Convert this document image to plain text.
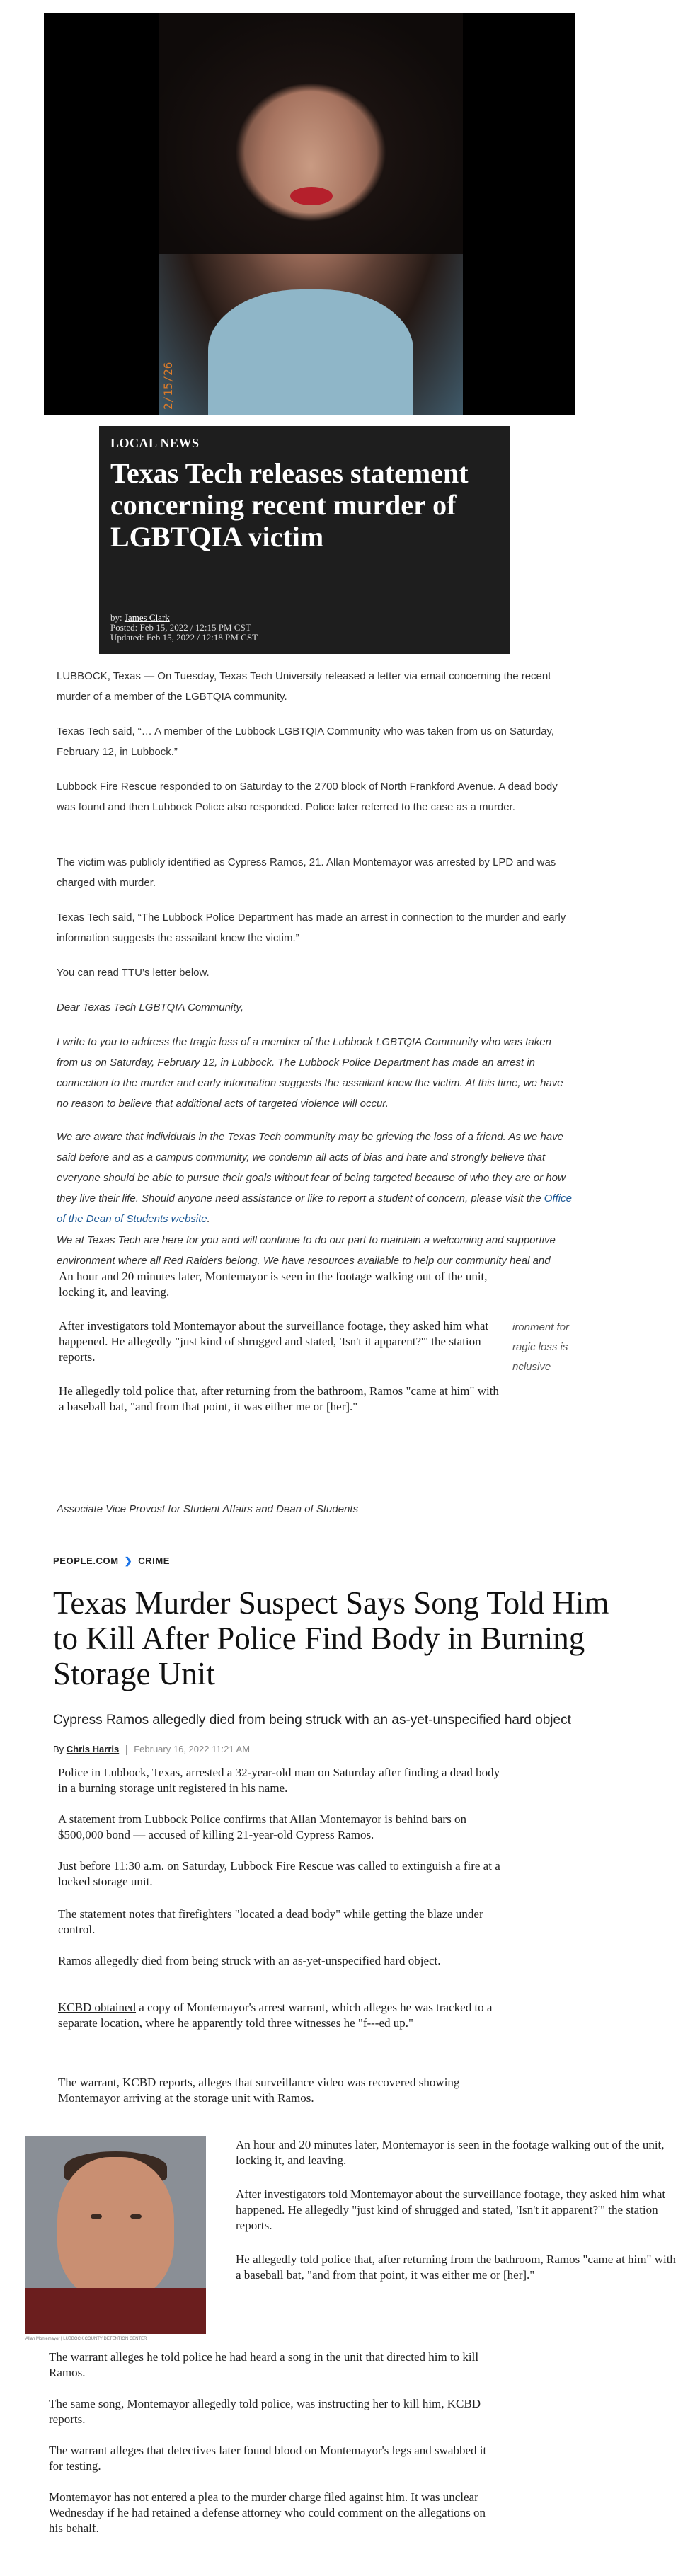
2/15/26
LOCAL NEWS
Texas Tech releases statement concerning recent murder of LGBTQIA victim
by: James Clark
Posted: Feb 15, 2022 / 12:15 PM CST
Updated: Feb 15, 2022 / 12:18 PM CST

LUBBOCK, Texas — On Tuesday, Texas Tech University released a letter via email concerning the recent murder of a member of the LGBTQIA community.

Texas Tech said, “… A member of the Lubbock LGBTQIA Community who was taken from us on Saturday, February 12, in Lubbock.”

Lubbock Fire Rescue responded to on Saturday to the 2700 block of North Frankford Avenue. A dead body was found and then Lubbock Police also responded. Police later referred to the case as a murder.

The victim was publicly identified as Cypress Ramos, 21. Allan Montemayor was arrested by LPD and was charged with murder.

Texas Tech said, “The Lubbock Police Department has made an arrest in connection to the murder and early information suggests the assailant knew the victim.”

You can read TTU’s letter below.

Dear Texas Tech LGBTQIA Community,

I write to you to address the tragic loss of a member of the Lubbock LGBTQIA Community who was taken from us on Saturday, February 12, in Lubbock. The Lubbock Police Department has made an arrest in connection to the murder and early information suggests the assailant knew the victim. At this time, we have no reason to believe that additional acts of targeted violence will occur.

We are aware that individuals in the Texas Tech community may be grieving the loss of a friend. As we have said before and as a campus community, we condemn all acts of bias and hate and strongly believe that everyone should be able to pursue their goals without fear of being targeted because of who they are or how they live their life. Should anyone need assistance or like to report a student of concern, please visit the Office of the Dean of Students website.

We at Texas Tech are here for you and will continue to do our part to maintain a welcoming and supportive environment where all Red Raiders belong. We have resources available to help our community heal and

An hour and 20 minutes later, Montemayor is seen in the footage walking out of the unit, locking it, and leaving.

After investigators told Montemayor about the surveillance footage, they asked him what happened. He allegedly "just kind of shrugged and stated, 'Isn't it apparent?'" the station reports.

He allegedly told police that, after returning from the bathroom, Ramos "came at him" with a baseball bat, "and from that point, it was either me or [her]."

ironment for
ragic loss is
nclusive
Associate Vice Provost for Student Affairs and Dean of Students
PEOPLE.COM ❯ CRIME
Texas Murder Suspect Says Song Told Him to Kill After Police Find Body in Burning Storage Unit
Cypress Ramos allegedly died from being struck with an as-yet-unspecified hard object
By Chris Harris February 16, 2022 11:21 AM

Police in Lubbock, Texas, arrested a 32-year-old man on Saturday after finding a dead body in a burning storage unit registered in his name.

A statement from Lubbock Police confirms that Allan Montemayor is behind bars on $500,000 bond — accused of killing 21-year-old Cypress Ramos.

Just before 11:30 a.m. on Saturday, Lubbock Fire Rescue was called to extinguish a fire at a locked storage unit.

The statement notes that firefighters "located a dead body" while getting the blaze under control.

Ramos allegedly died from being struck with an as-yet-unspecified hard object.

KCBD obtained a copy of Montemayor's arrest warrant, which alleges he was tracked to a separate location, where he apparently told three witnesses he "f---ed up."

The warrant, KCBD reports, alleges that surveillance video was recovered showing Montemayor arriving at the storage unit with Ramos.

Allan Montemayor | LUBBOCK COUNTY DETENTION CENTER

An hour and 20 minutes later, Montemayor is seen in the footage walking out of the unit, locking it, and leaving.

After investigators told Montemayor about the surveillance footage, they asked him what happened. He allegedly "just kind of shrugged and stated, 'Isn't it apparent?'" the station reports.

He allegedly told police that, after returning from the bathroom, Ramos "came at him" with a baseball bat, "and from that point, it was either me or [her]."

The warrant alleges he told police he had heard a song in the unit that directed him to kill Ramos.

The same song, Montemayor allegedly told police, was instructing her to kill him, KCBD reports.

The warrant alleges that detectives later found blood on Montemayor's legs and swabbed it for testing.

Montemayor has not entered a plea to the murder charge filed against him. It was unclear Wednesday if he had retained a defense attorney who could comment on the allegations on his behalf.
